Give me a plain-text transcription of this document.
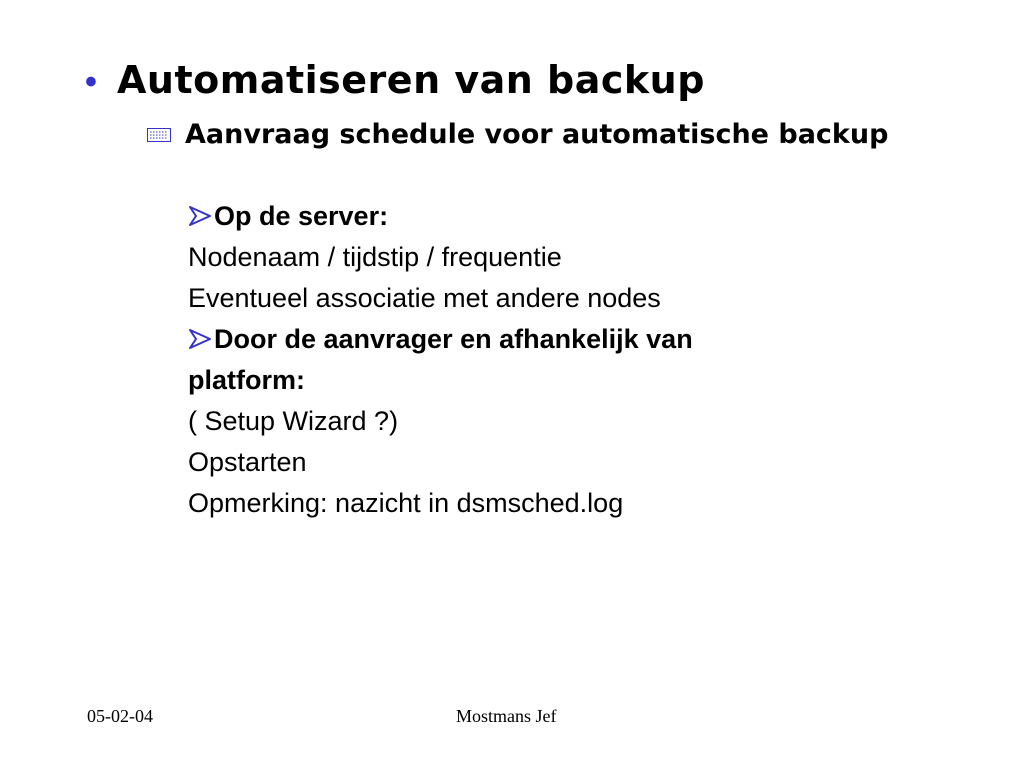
• Automatiseren van backup
Aanvraag schedule voor automatische backup
Op de server:
Nodenaam / tijdstip / frequentie
Eventueel associatie met andere nodes
Door de aanvrager en afhankelijk van
platform:
( Setup Wizard ?)
Opstarten
Opmerking: nazicht in dsmsched.log
05-02-04	Mostmans Jef
